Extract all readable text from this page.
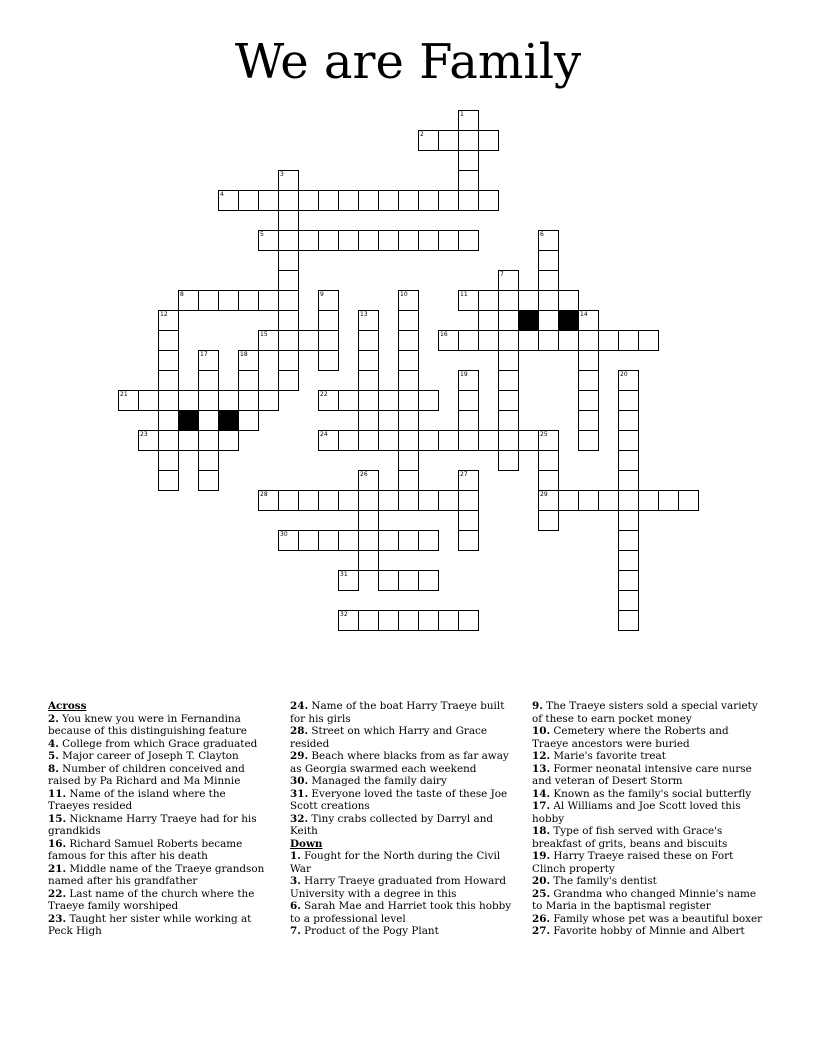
We are Family
1
2
4
3
5	6
7
8	9	10	11
12	13	14
15	16
17	18
19	20
21	22
23	24	25
26	27
28	29
30
31
32

Across

2. You knew you were in Fernandina because of this distinguishing feature

4. College from which Grace graduated

5. Major career of Joseph T. Clayton

8. Number of children conceived and raised by Pa Richard and Ma Minnie

11. Name of the island where the Traeyes resided

15. Nickname Harry Traeye had for his grandkids

16. Richard Samuel Roberts became famous for this after his death

21. Middle name of the Traeye grandson named after his grandfather

22. Last name of the church where the Traeye family worshiped

23. Taught her sister while working at Peck High

24. Name of the boat Harry Traeye built for his girls

28. Street on which Harry and Grace resided

29. Beach where blacks from as far away as Georgia swarmed each weekend

30. Managed the family dairy

31. Everyone loved the taste of these Joe Scott creations

32. Tiny crabs collected by Darryl and Keith

Down

1. Fought for the North during the Civil War

3. Harry Traeye graduated from Howard University with a degree in this

6. Sarah Mae and Harriet took this hobby to a professional level

7. Product of the Pogy Plant

9. The Traeye sisters sold a special variety of these to earn pocket money

10. Cemetery where the Roberts and Traeye ancestors were buried

12. Marie's favorite treat

13. Former neonatal intensive care nurse and veteran of Desert Storm

14. Known as the family's social butterfly

17. Al Williams and Joe Scott loved this hobby

18. Type of fish served with Grace's breakfast of grits, beans and biscuits

19. Harry Traeye raised these on Fort Clinch property

20. The family's dentist

25. Grandma who changed Minnie's name to Maria in the baptismal register

26. Family whose pet was a beautiful boxer

27. Favorite hobby of Minnie and Albert
